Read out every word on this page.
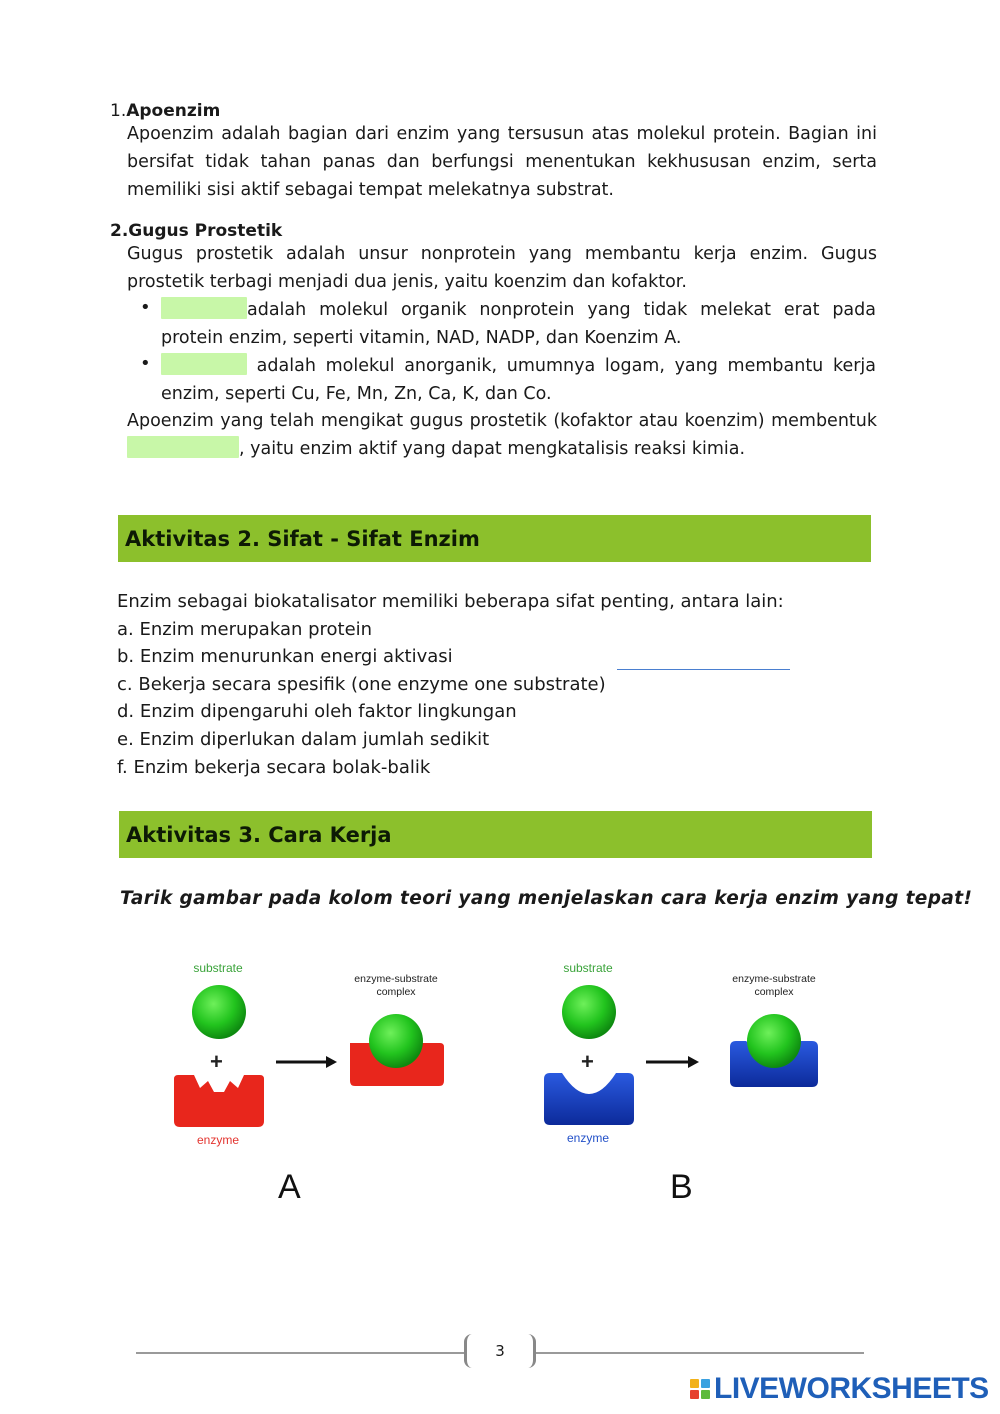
1.Apoenzim
Apoenzim adalah bagian dari enzim yang tersusun atas molekul protein. Bagian ini bersifat tidak tahan panas dan berfungsi menentukan kekhususan enzim, serta memiliki sisi aktif sebagai tempat melekatnya substrat.
2.Gugus Prostetik
Gugus prostetik adalah unsur nonprotein yang membantu kerja enzim. Gugus prostetik terbagi menjadi dua jenis, yaitu koenzim dan kofaktor.
•	adalah molekul organik nonprotein yang tidak melekat erat pada protein enzim, seperti vitamin, NAD, NADP, dan Koenzim A.
•	adalah molekul anorganik, umumnya logam, yang membantu kerja enzim, seperti Cu, Fe, Mn, Zn, Ca, K, dan Co.
Apoenzim yang telah mengikat gugus prostetik (kofaktor atau koenzim) membentuk, yaitu enzim aktif yang dapat mengkatalisis reaksi kimia.
Aktivitas 2. Sifat - Sifat Enzim
Enzim sebagai biokatalisator memiliki beberapa sifat penting, antara lain:
a. Enzim merupakan protein
b. Enzim menurunkan energi aktivasi
c. Bekerja secara spesifik (one enzyme one substrate)
d. Enzim dipengaruhi oleh faktor lingkungan
e. Enzim diperlukan dalam jumlah sedikit
f. Enzim bekerja secara bolak-balik
Aktivitas 3. Cara Kerja
Tarik gambar pada kolom teori yang menjelaskan cara kerja enzim yang tepat!
substrate
+
enzyme
enzyme-substrate
complex
A
substrate
+
enzyme
enzyme-substrate
complex
B
3
LIVEWORKSHEETS
